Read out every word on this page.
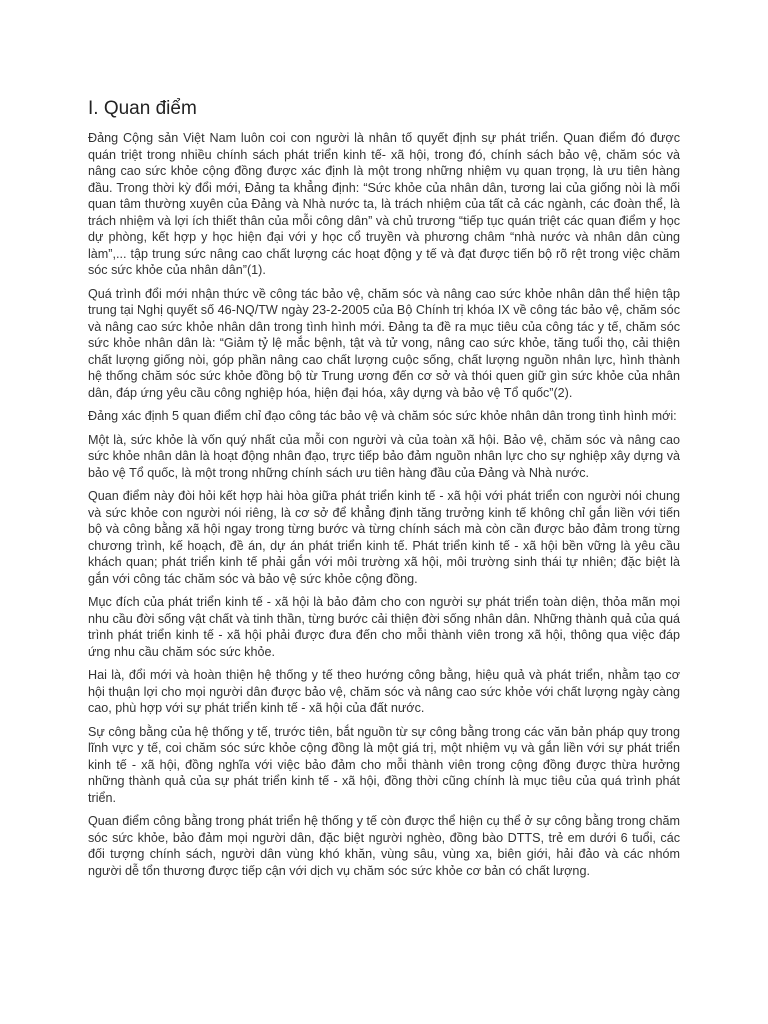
I. Quan điểm

Đảng Cộng sản Việt Nam luôn coi con người là nhân tố quyết định sự phát triển. Quan điểm đó được quán triệt trong nhiều chính sách phát triển kinh tế- xã hội, trong đó, chính sách bảo vệ, chăm sóc và nâng cao sức khỏe cộng đồng được xác định là một trong những nhiệm vụ quan trọng, là ưu tiên hàng đầu. Trong thời kỳ đổi mới, Đảng ta khẳng định: “Sức khỏe của nhân dân, tương lai của giống nòi là mối quan tâm thường xuyên của Đảng và Nhà nước ta, là trách nhiệm của tất cả các ngành, các đoàn thể, là trách nhiệm và lợi ích thiết thân của mỗi công dân” và chủ trương “tiếp tục quán triệt các quan điểm y học dự phòng, kết hợp y học hiện đại với y học cổ truyền và phương châm “nhà nước và nhân dân cùng làm”,... tập trung sức nâng cao chất lượng các hoạt động y tế và đạt được tiến bộ rõ rệt trong việc chăm sóc sức khỏe của nhân dân”(1).

Quá trình đổi mới nhận thức về công tác bảo vệ, chăm sóc và nâng cao sức khỏe nhân dân thể hiện tập trung tại Nghị quyết số 46-NQ/TW ngày 23-2-2005 của Bộ Chính trị khóa IX về công tác bảo vệ, chăm sóc và nâng cao sức khỏe nhân dân trong tình hình mới. Đảng ta đề ra mục tiêu của công tác y tế, chăm sóc sức khỏe nhân dân là: “Giảm tỷ lệ mắc bệnh, tật và tử vong, nâng cao sức khỏe, tăng tuổi thọ, cải thiện chất lượng giống nòi, góp phần nâng cao chất lượng cuộc sống, chất lượng nguồn nhân lực, hình thành hệ thống chăm sóc sức khỏe đồng bộ từ Trung ương đến cơ sở và thói quen giữ gìn sức khỏe của nhân dân, đáp ứng yêu cầu công nghiệp hóa, hiện đại hóa, xây dựng và bảo vệ Tổ quốc”(2).

Đảng xác định 5 quan điểm chỉ đạo công tác bảo vệ và chăm sóc sức khỏe nhân dân trong tình hình mới:

Một là, sức khỏe là vốn quý nhất của mỗi con người và của toàn xã hội. Bảo vệ, chăm sóc và nâng cao sức khỏe nhân dân là hoạt động nhân đạo, trực tiếp bảo đảm nguồn nhân lực cho sự nghiệp xây dựng và bảo vệ Tổ quốc, là một trong những chính sách ưu tiên hàng đầu của Đảng và Nhà nước.

Quan điểm này đòi hỏi kết hợp hài hòa giữa phát triển kinh tế - xã hội với phát triển con người nói chung và sức khỏe con người nói riêng, là cơ sở để khẳng định tăng trưởng kinh tế không chỉ gắn liền với tiến bộ và công bằng xã hội ngay trong từng bước và từng chính sách mà còn cần được bảo đảm trong từng chương trình, kế hoạch, đề án, dự án phát triển kinh tế. Phát triển kinh tế - xã hội bền vững là yêu cầu khách quan; phát triển kinh tế phải gắn với môi trường xã hội, môi trường sinh thái tự nhiên; đặc biệt là gắn với công tác chăm sóc và bảo vệ sức khỏe cộng đồng.

Mục đích của phát triển kinh tế - xã hội là bảo đảm cho con người sự phát triển toàn diện, thỏa mãn mọi nhu cầu đời sống vật chất và tinh thần, từng bước cải thiện đời sống nhân dân. Những thành quả của quá trình phát triển kinh tế - xã hội phải được đưa đến cho mỗi thành viên trong xã hội, thông qua việc đáp ứng nhu cầu chăm sóc sức khỏe.

Hai là, đổi mới và hoàn thiện hệ thống y tế theo hướng công bằng, hiệu quả và phát triển, nhằm tạo cơ hội thuận lợi cho mọi người dân được bảo vệ, chăm sóc và nâng cao sức khỏe với chất lượng ngày càng cao, phù hợp với sự phát triển kinh tế - xã hội của đất nước.

Sự công bằng của hệ thống y tế, trước tiên, bắt nguồn từ sự công bằng trong các văn bản pháp quy trong lĩnh vực y tế, coi chăm sóc sức khỏe cộng đồng là một giá trị, một nhiệm vụ và gắn liền với sự phát triển kinh tế - xã hội, đồng nghĩa với việc bảo đảm cho mỗi thành viên trong cộng đồng được thừa hưởng những thành quả của sự phát triển kinh tế - xã hội, đồng thời cũng chính là mục tiêu của quá trình phát triển.

Quan điểm công bằng trong phát triển hệ thống y tế còn được thể hiện cụ thể ở sự công bằng trong chăm sóc sức khỏe, bảo đảm mọi người dân, đặc biệt người nghèo, đồng bào DTTS, trẻ em dưới 6 tuổi, các đối tượng chính sách, người dân vùng khó khăn, vùng sâu, vùng xa, biên giới, hải đảo và các nhóm người dễ tổn thương được tiếp cận với dịch vụ chăm sóc sức khỏe cơ bản có chất lượng.
